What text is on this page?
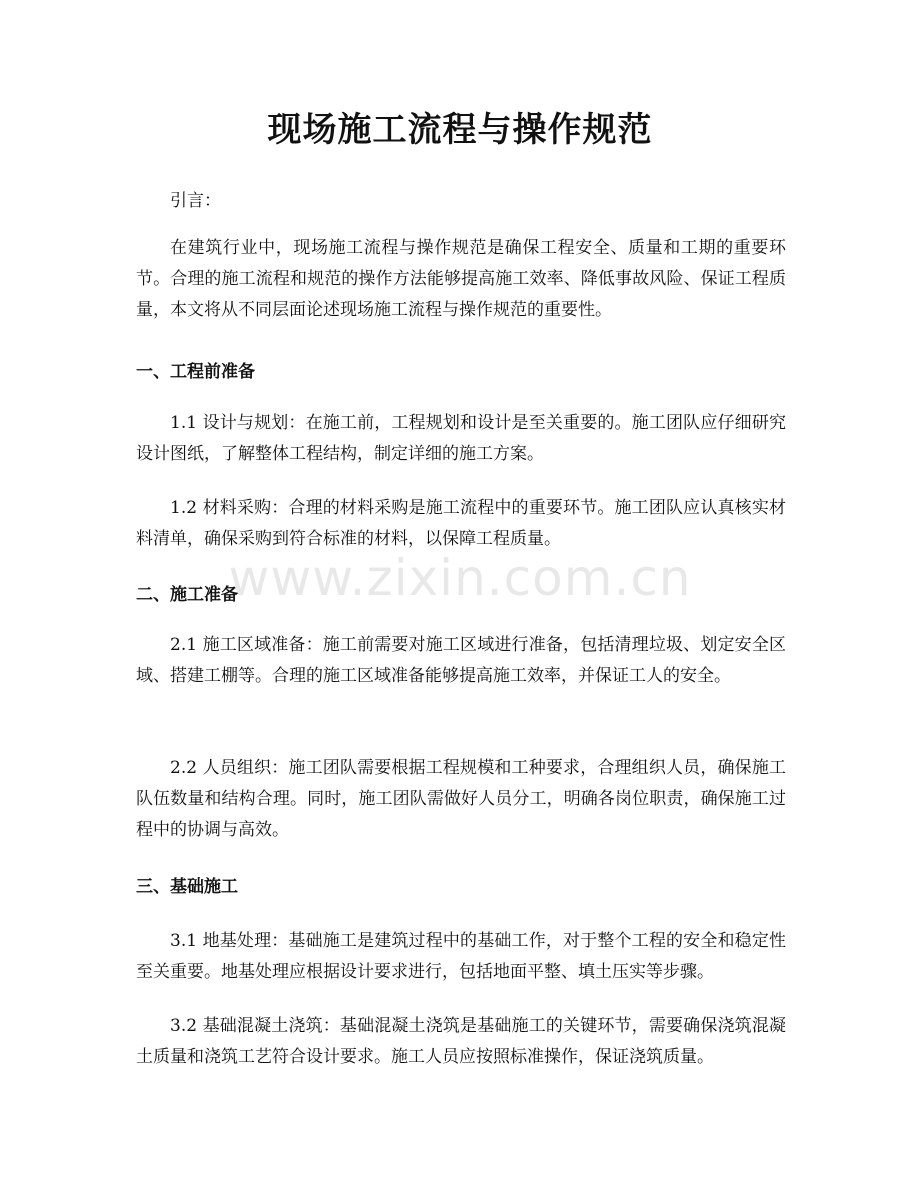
现场施工流程与操作规范

引言：

在建筑行业中，现场施工流程与操作规范是确保工程安全、质量和工期的重要环节。合理的施工流程和规范的操作方法能够提高施工效率、降低事故风险、保证工程质量，本文将从不同层面论述现场施工流程与操作规范的重要性。

一、工程前准备

1.1 设计与规划：在施工前，工程规划和设计是至关重要的。施工团队应仔细研究设计图纸，了解整体工程结构，制定详细的施工方案。

1.2 材料采购：合理的材料采购是施工流程中的重要环节。施工团队应认真核实材料清单，确保采购到符合标准的材料，以保障工程质量。

二、施工准备

2.1 施工区域准备：施工前需要对施工区域进行准备，包括清理垃圾、划定安全区域、搭建工棚等。合理的施工区域准备能够提高施工效率，并保证工人的安全。

2.2 人员组织：施工团队需要根据工程规模和工种要求，合理组织人员，确保施工队伍数量和结构合理。同时，施工团队需做好人员分工，明确各岗位职责，确保施工过程中的协调与高效。

三、基础施工

3.1 地基处理：基础施工是建筑过程中的基础工作，对于整个工程的安全和稳定性至关重要。地基处理应根据设计要求进行，包括地面平整、填土压实等步骤。

3.2 基础混凝土浇筑：基础混凝土浇筑是基础施工的关键环节，需要确保浇筑混凝土质量和浇筑工艺符合设计要求。施工人员应按照标准操作，保证浇筑质量。

www.zixin.com.cn
